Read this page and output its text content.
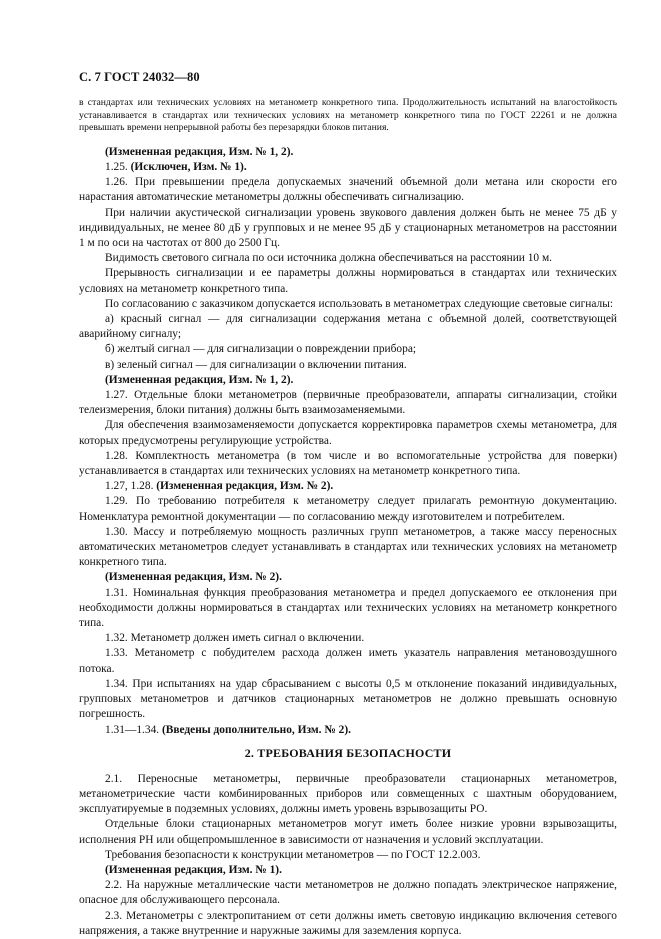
С. 7 ГОСТ 24032—80

в стандартах или технических условиях на метанометр конкретного типа. Продолжительность испытаний на влагостойкость устанавливается в стандартах или технических условиях на метанометр конкретного типа по ГОСТ 22261 и не должна превышать времени непрерывной работы без перезарядки блоков питания.

(Измененная редакция, Изм. № 1, 2).

1.25. (Исключен, Изм. № 1).

1.26. При превышении предела допускаемых значений объемной доли метана или скорости его нарастания автоматические метанометры должны обеспечивать сигнализацию.

При наличии акустической сигнализации уровень звукового давления должен быть не менее 75 дБ у индивидуальных, не менее 80 дБ у групповых и не менее 95 дБ у стационарных метанометров на расстоянии 1 м по оси на частотах от 800 до 2500 Гц.

Видимость светового сигнала по оси источника должна обеспечиваться на расстоянии 10 м.

Прерывность сигнализации и ее параметры должны нормироваться в стандартах или технических условиях на метанометр конкретного типа.

По согласованию с заказчиком допускается использовать в метанометрах следующие световые сигналы:

а) красный сигнал — для сигнализации содержания метана с объемной долей, соответствующей аварийному сигналу;

б) желтый сигнал — для сигнализации о повреждении прибора;

в) зеленый сигнал — для сигнализации о включении питания.

(Измененная редакция, Изм. № 1, 2).

1.27. Отдельные блоки метанометров (первичные преобразователи, аппараты сигнализации, стойки телеизмерения, блоки питания) должны быть взаимозаменяемыми.

Для обеспечения взаимозаменяемости допускается корректировка параметров схемы метанометра, для которых предусмотрены регулирующие устройства.

1.28. Комплектность метанометра (в том числе и во вспомогательные устройства для поверки) устанавливается в стандартах или технических условиях на метанометр конкретного типа.

1.27, 1.28. (Измененная редакция, Изм. № 2).

1.29. По требованию потребителя к метанометру следует прилагать ремонтную документацию. Номенклатура ремонтной документации — по согласованию между изготовителем и потребителем.

1.30. Массу и потребляемую мощность различных групп метанометров, а также массу переносных автоматических метанометров следует устанавливать в стандартах или технических условиях на метанометр конкретного типа.

(Измененная редакция, Изм. № 2).

1.31. Номинальная функция преобразования метанометра и предел допускаемого ее отклонения при необходимости должны нормироваться в стандартах или технических условиях на метанометр конкретного типа.

1.32. Метанометр должен иметь сигнал о включении.

1.33. Метанометр с побудителем расхода должен иметь указатель направления метановоздушного потока.

1.34. При испытаниях на удар сбрасыванием с высоты 0,5 м отклонение показаний индивидуальных, групповых метанометров и датчиков стационарных метанометров не должно превышать основную погрешность.

1.31—1.34. (Введены дополнительно, Изм. № 2).

2. ТРЕБОВАНИЯ БЕЗОПАСНОСТИ

2.1. Переносные метанометры, первичные преобразователи стационарных метанометров, метанометрические части комбинированных приборов или совмещенных с шахтным оборудованием, эксплуатируемые в подземных условиях, должны иметь уровень взрывозащиты РО.

Отдельные блоки стационарных метанометров могут иметь более низкие уровни взрывозащиты, исполнения РН или общепромышленное в зависимости от назначения и условий эксплуатации.

Требования безопасности к конструкции метанометров — по ГОСТ 12.2.003.

(Измененная редакция, Изм. № 1).

2.2. На наружные металлические части метанометров не должно попадать электрическое напряжение, опасное для обслуживающего персонала.

2.3. Метанометры с электропитанием от сети должны иметь световую индикацию включения сетевого напряжения, а также внутренние и наружные зажимы для заземления корпуса.
